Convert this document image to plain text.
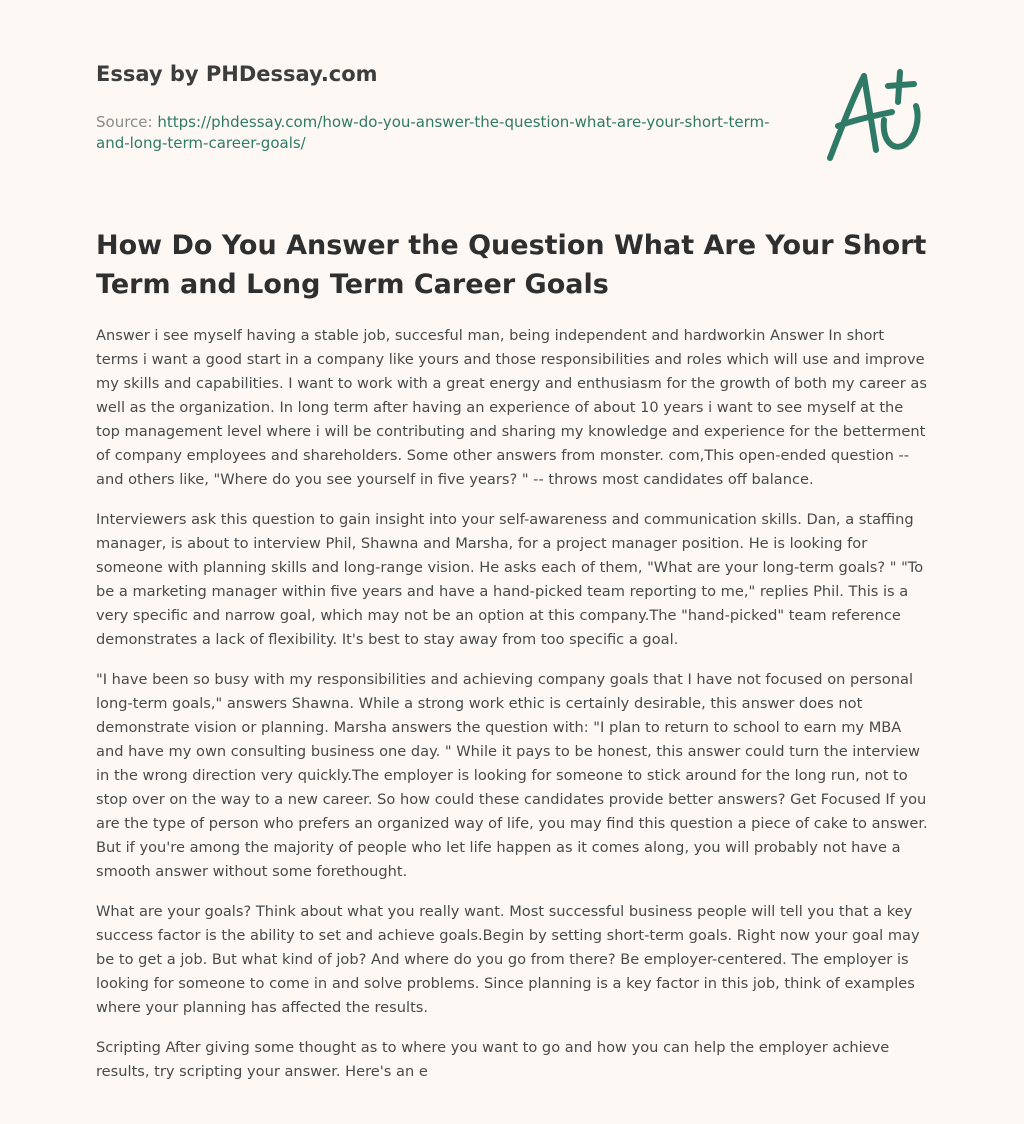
Essay by PHDessay.com
Source: https://phdessay.com/how-do-you-answer-the-question-what-are-your-short-term-and-long-term-career-goals/
How Do You Answer the Question What Are Your Short Term and Long Term Career Goals

Answer i see myself having a stable job, succesful man, being independent and hardworkin Answer In short terms i want a good start in a company like yours and those responsibilities and roles which will use and improve my skills and capabilities. I want to work with a great energy and enthusiasm for the growth of both my career as well as the organization. In long term after having an experience of about 10 years i want to see myself at the top management level where i will be contributing and sharing my knowledge and experience for the betterment of company employees and shareholders. Some other answers from monster. com,This open-ended question -- and others like, "Where do you see yourself in five years? " -- throws most candidates off balance.

Interviewers ask this question to gain insight into your self-awareness and communication skills. Dan, a staffing manager, is about to interview Phil, Shawna and Marsha, for a project manager position. He is looking for someone with planning skills and long-range vision. He asks each of them, "What are your long-term goals? " "To be a marketing manager within five years and have a hand-picked team reporting to me," replies Phil. This is a very specific and narrow goal, which may not be an option at this company.The "hand-picked" team reference demonstrates a lack of flexibility. It's best to stay away from too specific a goal.

"I have been so busy with my responsibilities and achieving company goals that I have not focused on personal long-term goals," answers Shawna. While a strong work ethic is certainly desirable, this answer does not demonstrate vision or planning. Marsha answers the question with: "I plan to return to school to earn my MBA and have my own consulting business one day. " While it pays to be honest, this answer could turn the interview in the wrong direction very quickly.The employer is looking for someone to stick around for the long run, not to stop over on the way to a new career. So how could these candidates provide better answers? Get Focused If you are the type of person who prefers an organized way of life, you may find this question a piece of cake to answer. But if you're among the majority of people who let life happen as it comes along, you will probably not have a smooth answer without some forethought.

What are your goals? Think about what you really want. Most successful business people will tell you that a key success factor is the ability to set and achieve goals.Begin by setting short-term goals. Right now your goal may be to get a job. But what kind of job? And where do you go from there? Be employer-centered. The employer is looking for someone to come in and solve problems. Since planning is a key factor in this job, think of examples where your planning has affected the results.

Scripting After giving some thought as to where you want to go and how you can help the employer achieve results, try scripting your answer. Here's an e
